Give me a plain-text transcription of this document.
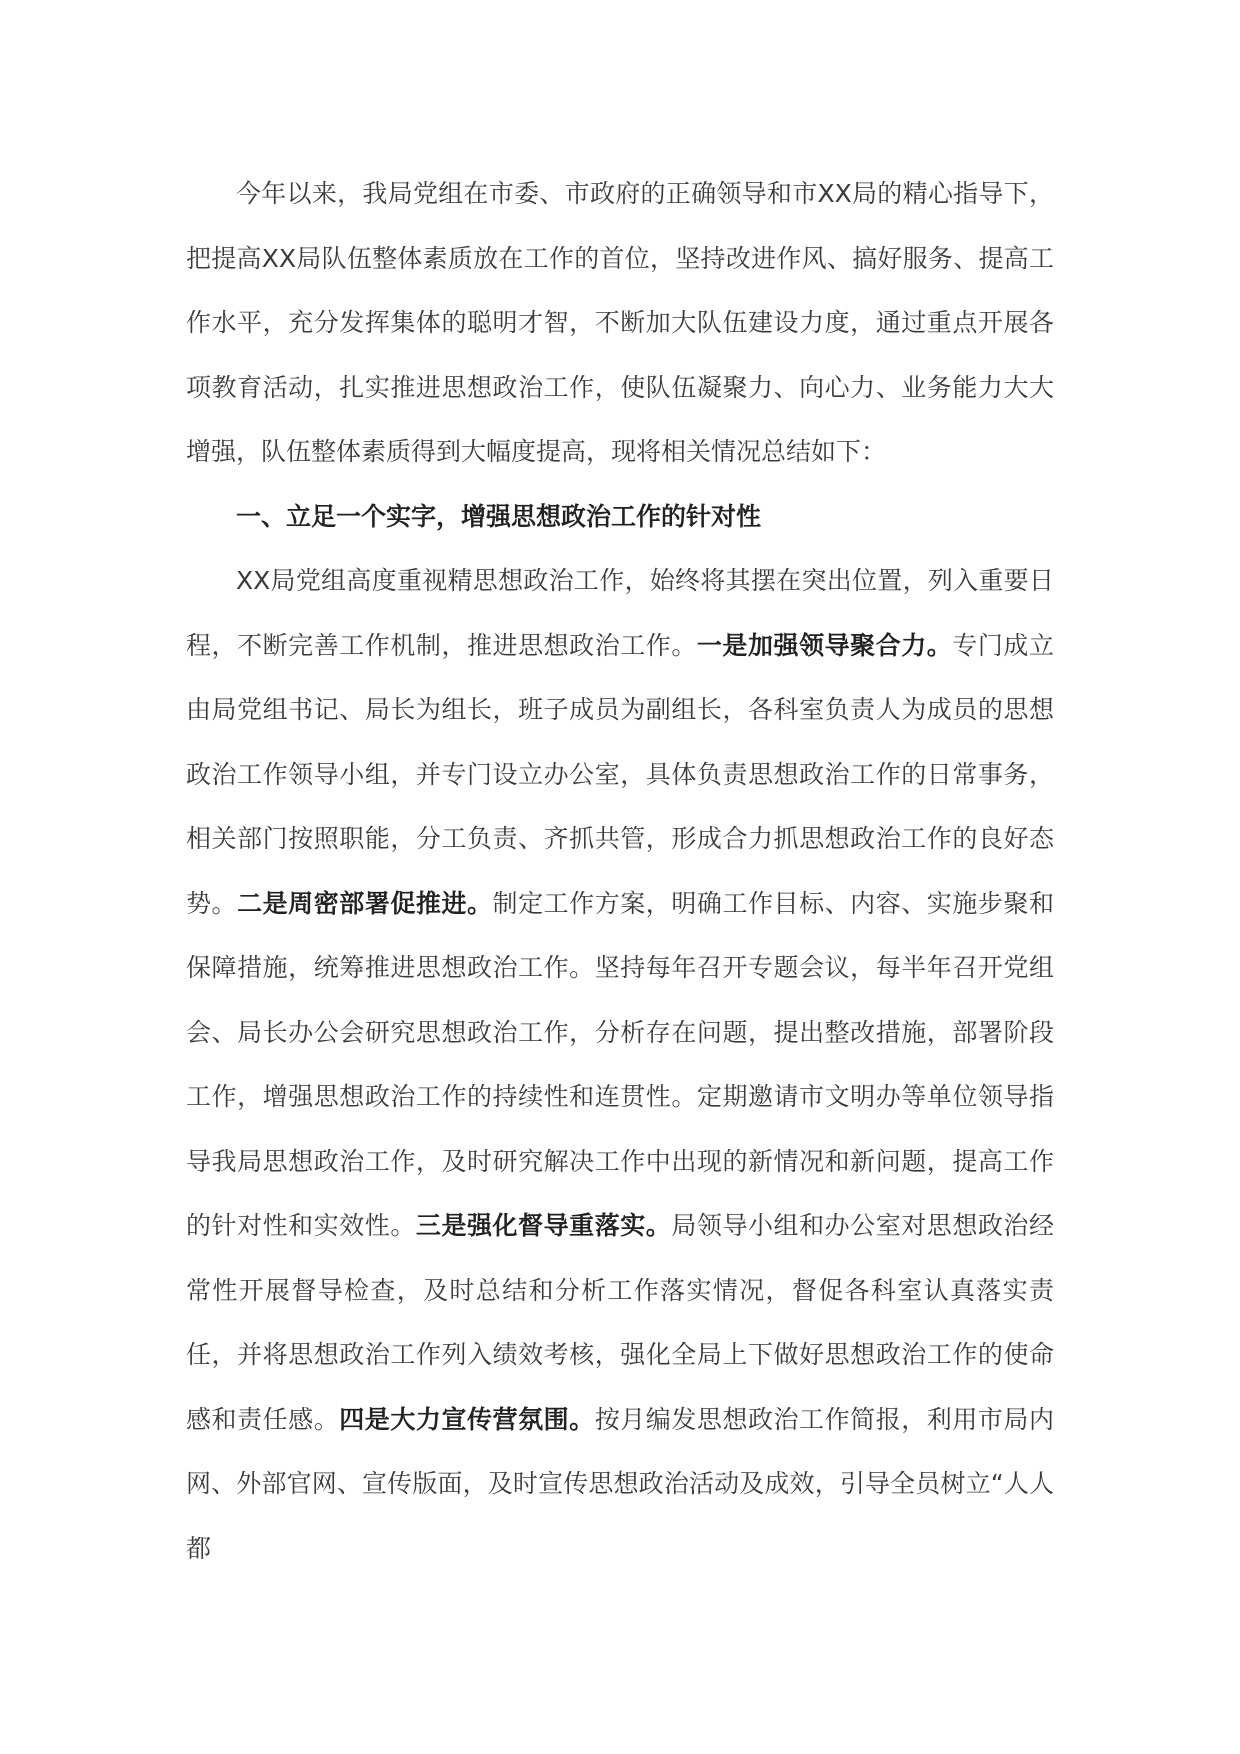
今年以来，我局党组在市委、市政府的正确领导和市XX局的精心指导下，把提高XX局队伍整体素质放在工作的首位，坚持改进作风、搞好服务、提高工作水平，充分发挥集体的聪明才智，不断加大队伍建设力度，通过重点开展各项教育活动，扎实推进思想政治工作，使队伍凝聚力、向心力、业务能力大大增强，队伍整体素质得到大幅度提高，现将相关情况总结如下：

一、立足一个实字，增强思想政治工作的针对性

XX局党组高度重视精思想政治工作，始终将其摆在突出位置，列入重要日程，不断完善工作机制，推进思想政治工作。一是加强领导聚合力。专门成立由局党组书记、局长为组长，班子成员为副组长，各科室负责人为成员的思想政治工作领导小组，并专门设立办公室，具体负责思想政治工作的日常事务，相关部门按照职能，分工负责、齐抓共管，形成合力抓思想政治工作的良好态势。二是周密部署促推进。制定工作方案，明确工作目标、内容、实施步聚和保障措施，统筹推进思想政治工作。坚持每年召开专题会议，每半年召开党组会、局长办公会研究思想政治工作，分析存在问题，提出整改措施，部署阶段工作，增强思想政治工作的持续性和连贯性。定期邀请市文明办等单位领导指导我局思想政治工作，及时研究解决工作中出现的新情况和新问题，提高工作的针对性和实效性。三是强化督导重落实。局领导小组和办公室对思想政治经常性开展督导检查，及时总结和分析工作落实情况，督促各科室认真落实责任，并将思想政治工作列入绩效考核，强化全局上下做好思想政治工作的使命感和责任感。四是大力宣传营氛围。按月编发思想政治工作简报，利用市局内网、外部官网、宣传版面，及时宣传思想政治活动及成效，引导全员树立“人人都
